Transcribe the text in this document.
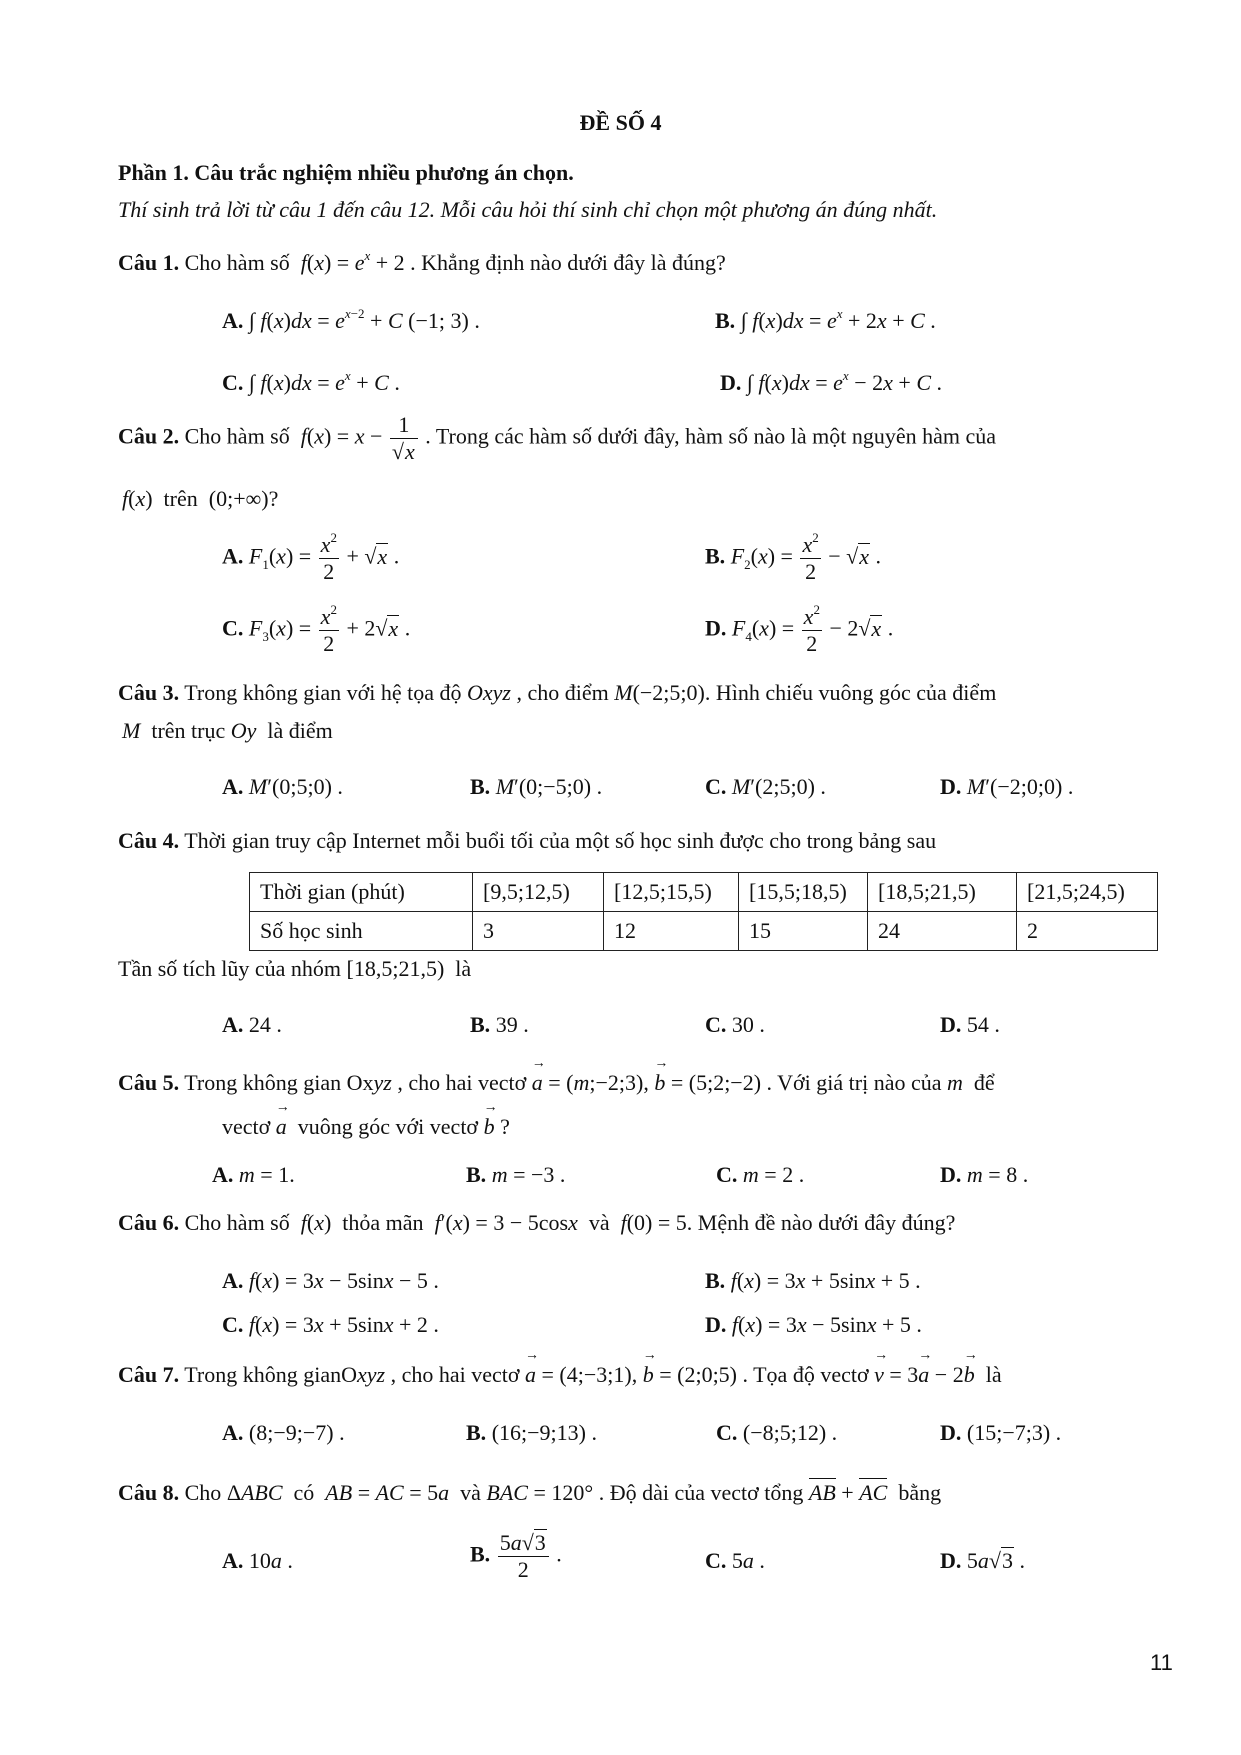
ĐỀ SỐ 4
Phần 1. Câu trắc nghiệm nhiều phương án chọn.
Thí sinh trả lời từ câu 1 đến câu 12. Mỗi câu hỏi thí sinh chỉ chọn một phương án đúng nhất.
Câu 1. Cho hàm số $f(x) = e^x + 2$ . Khẳng định nào dưới đây là đúng?
A. ∫ $f(x)dx = e^{x-2} + C$ (−1; 3) .	B. ∫ $f(x)dx = e^x + 2x + C$ .
C. ∫ $f(x)dx = e^x + C$ .	D. ∫ $f(x)dx = e^x - 2x + C$ .
Câu 2. Cho hàm số $f(x) = x - \frac{1}{√x}$ . Trong các hàm số dưới đây, hàm số nào là một nguyên hàm của
f(x)  trên  (0;+∞)?
A. $F_1(x) = \frac{x^2}{2} + √x$ .	B. $F_2(x) = \frac{x^2}{2} - √x$ .
C. $F_3(x) = \frac{x^2}{2} + 2√x$ .	D. $F_4(x) = \frac{x^2}{2} - 2√x$ .
Câu 3. Trong không gian với hệ tọa độ Oxyz , cho điểm M(−2;5;0). Hình chiếu vuông góc của điểm
M trên trục Oy là điểm
A. M′(0;5;0) .	B. M′(0;−5;0) .	C. M′(2;5;0) .	D. M′(−2;0;0) .
Câu 4. Thời gian truy cập Internet mỗi buổi tối của một số học sinh được cho trong bảng sau
Thời gian (phút)	[9,5;12,5)	[12,5;15,5)	[15,5;18,5)	[18,5;21,5)	[21,5;24,5)
Số học sinh	3	12	15	24	2
Tần số tích lũy của nhóm [18,5;21,5) là
A. 24 .	B. 39 .	C. 30 .	D. 54 .
Câu 5. Trong không gian Oxyz , cho hai vectơ → a = (m;−2;3), → b = (5;2;−2) . Với giá trị nào của m để
vectơ → a vuông góc với vectơ → b ?
A. m = 1.	B. m = −3 .	C. m = 2 .	D. m = 8 .
Câu 6. Cho hàm số f(x)  thỏa mãn f′(x) = 3 − 5cosx và f(0) = 5. Mệnh đề nào dưới đây đúng?
A. f(x) = 3x − 5sinx − 5 .	B. f(x) = 3x + 5sinx + 5 .
C. f(x) = 3x + 5sinx + 2 .	D. f(x) = 3x − 5sinx + 5 .
Câu 7. Trong không gianOxyz , cho hai vectơ → a = (4;−3;1), → b = (2;0;5) . Tọa độ vectơ → v = 3→ a − 2→ b là
A. (8;−9;−7) .	B. (16;−9;13) .	C. (−8;5;12) .	D. (15;−7;3) .
Câu 8. Cho ΔABC có AB = AC = 5a và BAC = 120° . Độ dài của vectơ tổng AB + AC bằng
A. 10a .	B. $\frac{5a√3}{2}$ .	C. 5a .	D. 5a√3 .
11
